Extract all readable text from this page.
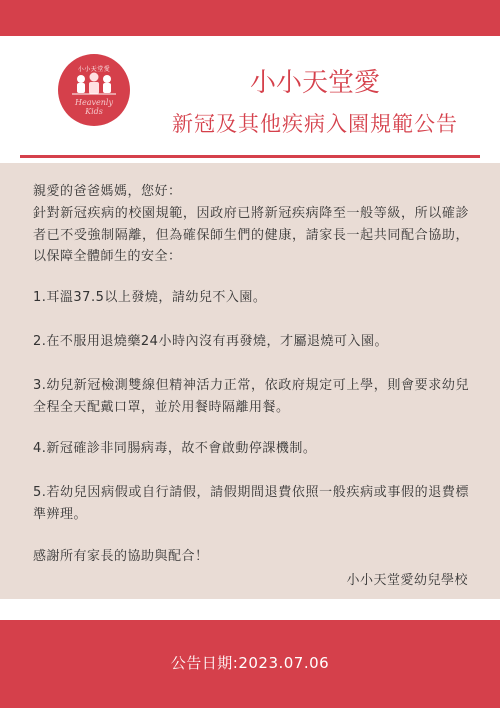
小小天堂愛
Heavenly
Kids
小小天堂愛
新冠及其他疾病入園規範公告

親愛的爸爸媽媽，您好：

針對新冠疾病的校園規範，因政府已將新冠疾病降至一般等級，所以確診者已不受強制隔離，但為確保師生們的健康，請家長一起共同配合協助，以保障全體師生的安全：

1.耳溫37.5以上發燒，請幼兒不入園。

2.在不服用退燒藥24小時內沒有再發燒，才屬退燒可入園。

3.幼兒新冠檢測雙線但精神活力正常，依政府規定可上學，則會要求幼兒全程全天配戴口罩，並於用餐時隔離用餐。

4.新冠確診非同腸病毒，故不會啟動停課機制。

5.若幼兒因病假或自行請假，請假期間退費依照一般疾病或事假的退費標準辨理。

感謝所有家長的協助與配合！

小小天堂愛幼兒學校

公告日期:2023.07.06
